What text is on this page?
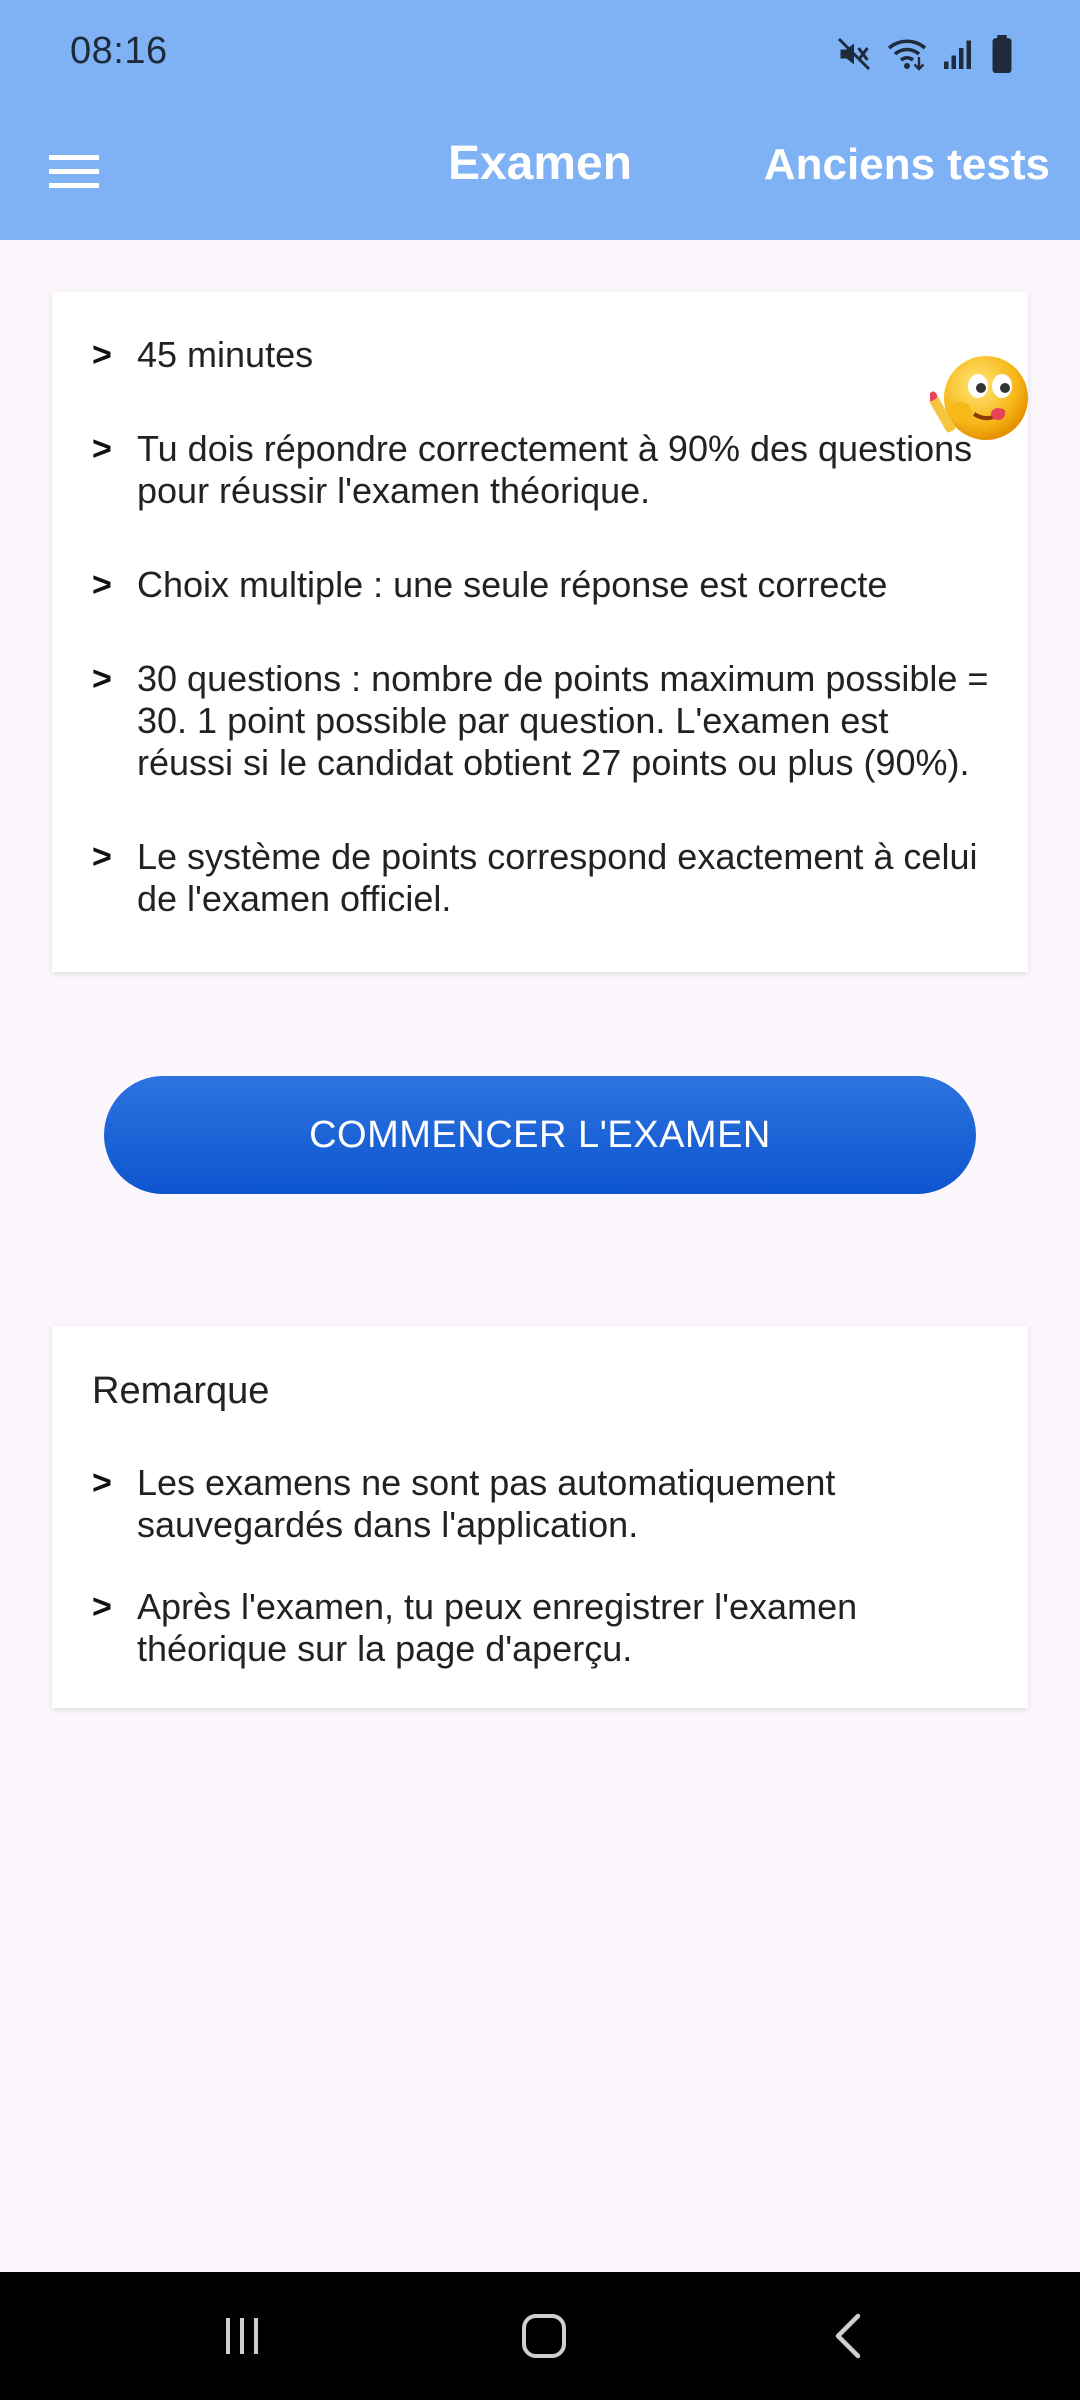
08:16
Examen	Anciens tests
> 45 minutes
> Tu dois répondre correctement à 90% des questions pour réussir l'examen théorique.
> Choix multiple : une seule réponse est correcte
> 30 questions : nombre de points maximum possible = 30. 1 point possible par question. L'examen est réussi si le candidat obtient 27 points ou plus (90%).
> Le système de points correspond exactement à celui de l'examen officiel.
COMMENCER L'EXAMEN
Remarque
> Les examens ne sont pas automatiquement sauvegardés dans l'application.
> Après l'examen, tu peux enregistrer l'examen théorique sur la page d'aperçu.
